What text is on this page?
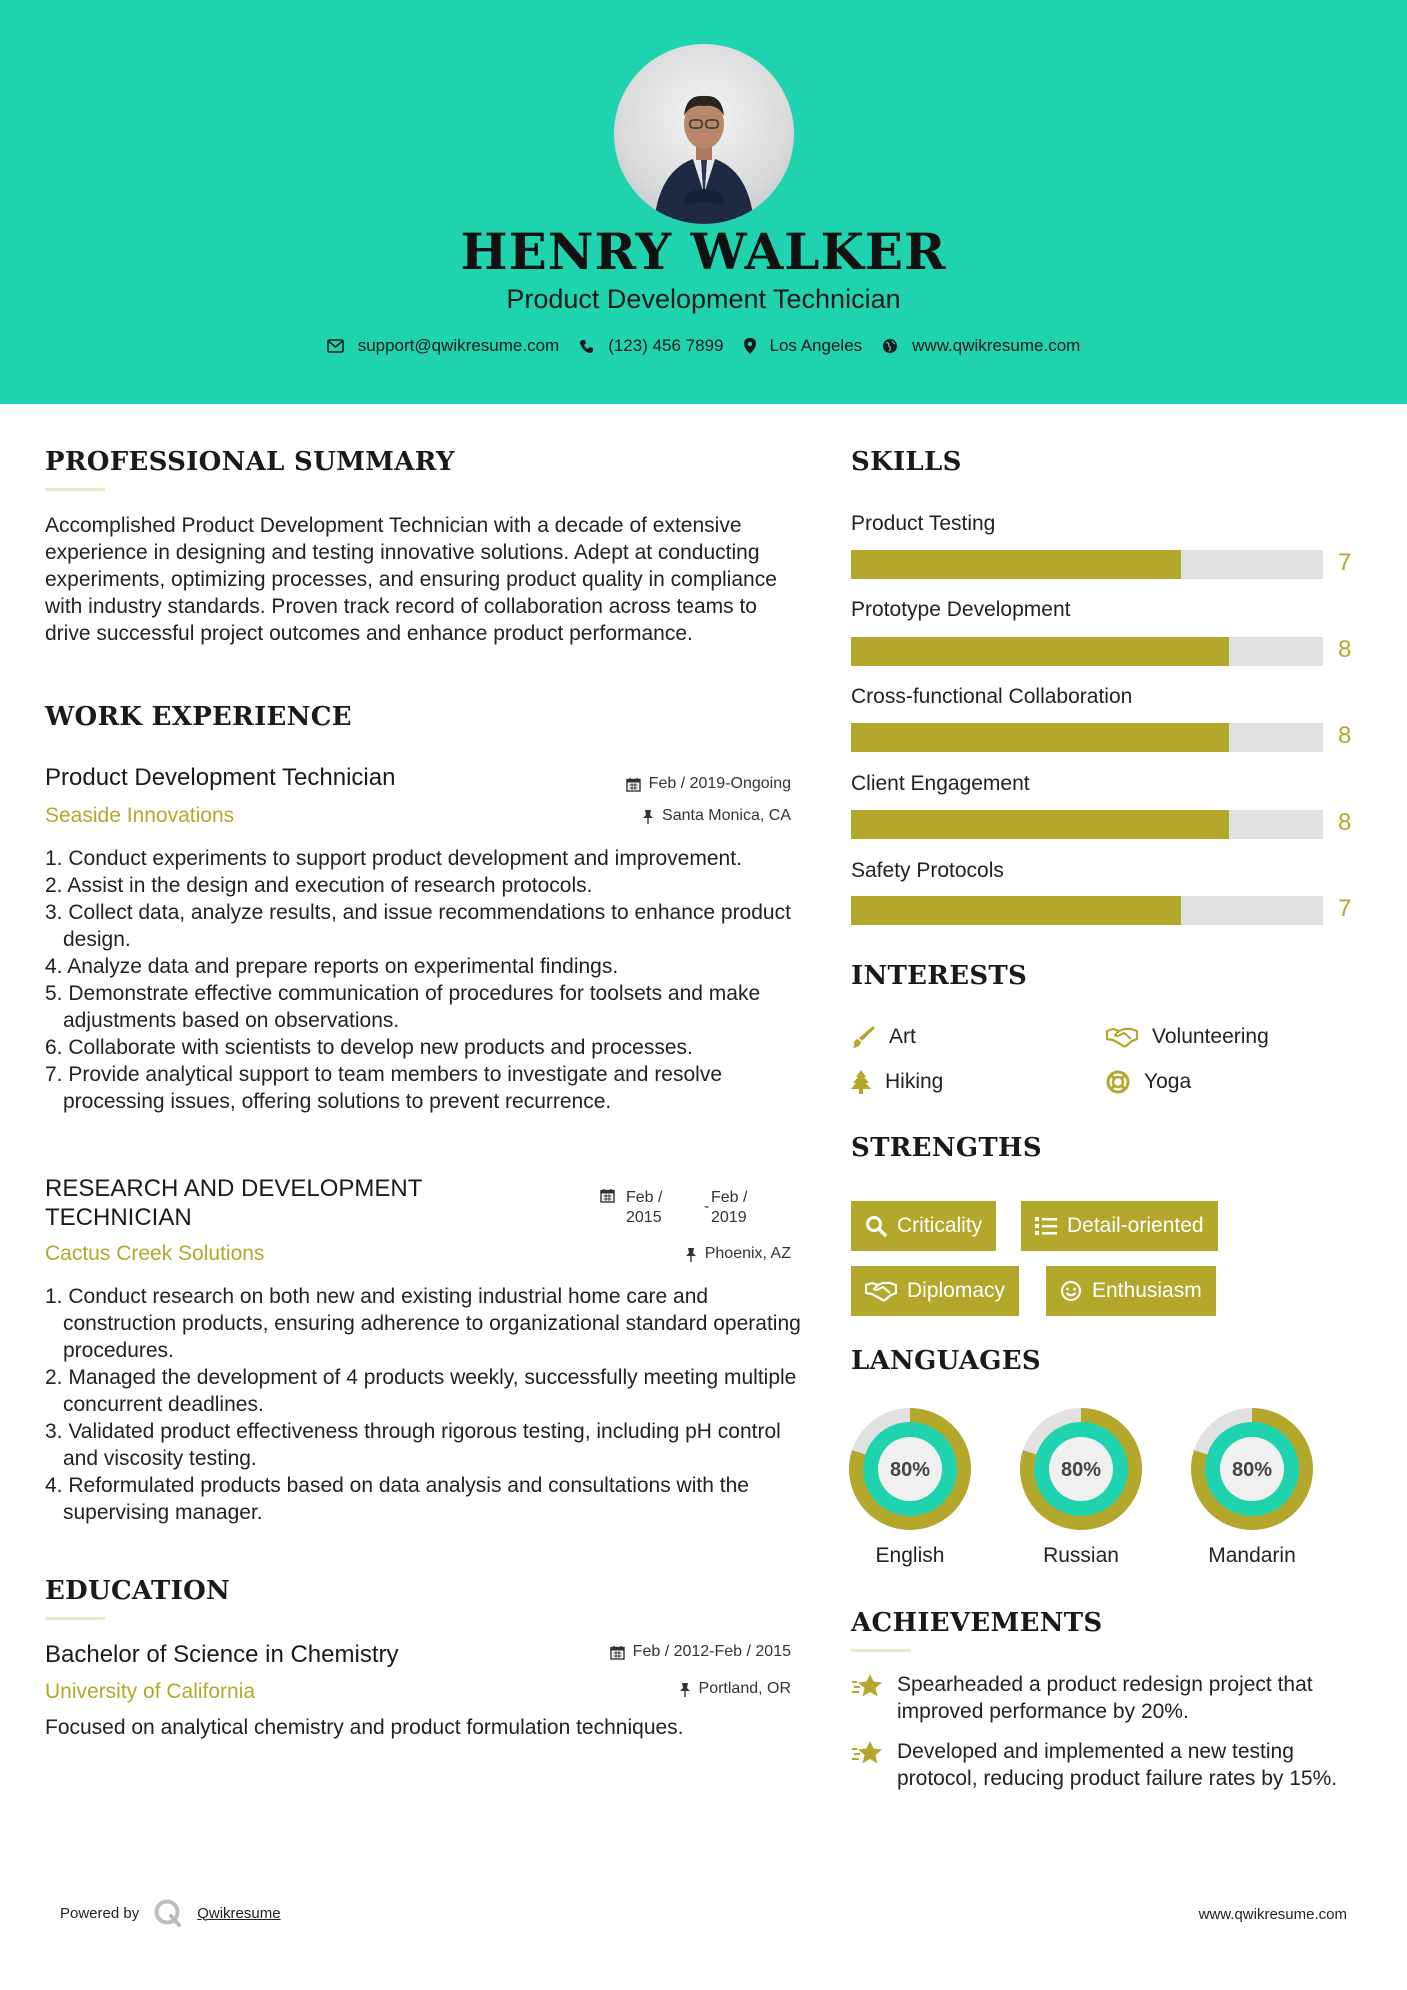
HENRY WALKER
Product Development Technician
support@qwikresume.com	(123) 456 7899	Los Angeles	www.qwikresume.com
PROFESSIONAL SUMMARY
Accomplished Product Development Technician with a decade of extensive experience in designing and testing innovative solutions. Adept at conducting experiments, optimizing processes, and ensuring product quality in compliance with industry standards. Proven track record of collaboration across teams to drive successful project outcomes and enhance product performance.
WORK EXPERIENCE
Product Development Technician	Feb / 2019-Ongoing
Seaside Innovations	Santa Monica, CA
1. Conduct experiments to support product development and improvement.
2. Assist in the design and execution of research protocols.
3. Collect data, analyze results, and issue recommendations to enhance product design.
4. Analyze data and prepare reports on experimental findings.
5. Demonstrate effective communication of procedures for toolsets and make adjustments based on observations.
6. Collaborate with scientists to develop new products and processes.
7. Provide analytical support to team members to investigate and resolve processing issues, offering solutions to prevent recurrence.
RESEARCH AND DEVELOPMENT TECHNICIAN
Feb / 2015
-
Feb / 2019
Cactus Creek Solutions	Phoenix, AZ
1. Conduct research on both new and existing industrial home care and construction products, ensuring adherence to organizational standard operating procedures.
2. Managed the development of 4 products weekly, successfully meeting multiple concurrent deadlines.
3. Validated product effectiveness through rigorous testing, including pH control and viscosity testing.
4. Reformulated products based on data analysis and consultations with the supervising manager.
EDUCATION
Bachelor of Science in Chemistry	Feb / 2012-Feb / 2015
University of California	Portland, OR
Focused on analytical chemistry and product formulation techniques.
SKILLS
Product Testing
7
Prototype Development
8
Cross-functional Collaboration
8
Client Engagement
8
Safety Protocols
7
INTERESTS
Art	Volunteering
Hiking	Yoga
STRENGTHS
Criticality	Detail-oriented
Diplomacy	Enthusiasm
LANGUAGES
80%
English
80%
Russian
80%
Mandarin
ACHIEVEMENTS
Spearheaded a product redesign project that improved performance by 20%.
Developed and implemented a new testing protocol, reducing product failure rates by 15%.
Powered by	Qwikresume	www.qwikresume.com
